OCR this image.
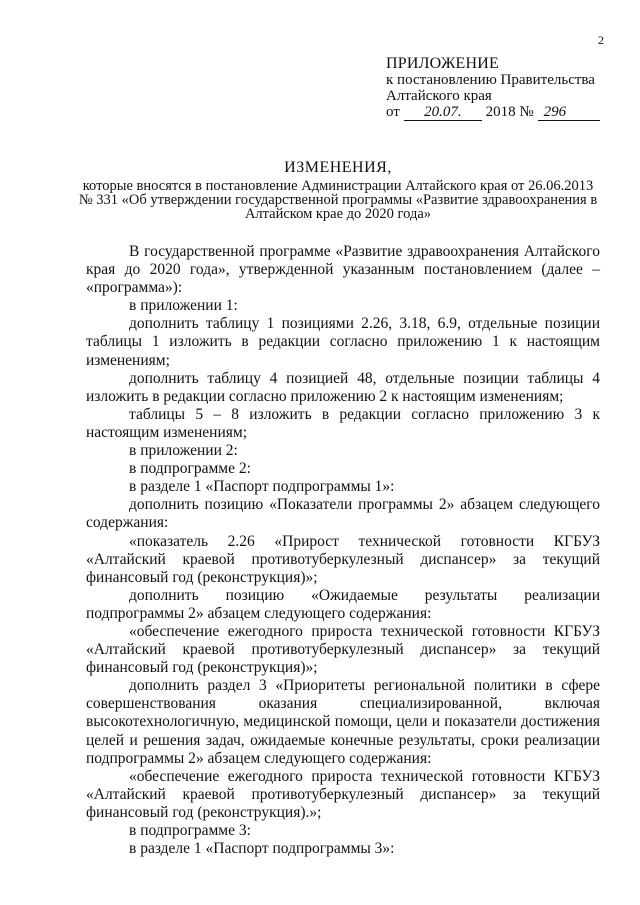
2
ПРИЛОЖЕНИЕ
к постановлению Правительства
Алтайского края
от 20.07. 2018 № 296
ИЗМЕНЕНИЯ,
которые вносятся в постановление Администрации Алтайского края от 26.06.2013 № 331 «Об утверждении государственной программы «Развитие здравоохранения в Алтайском крае до 2020 года»

В государственной программе «Развитие здравоохранения Алтайского края до 2020 года», утвержденной указанным постановлением (далее – «программа»):

в приложении 1:

дополнить таблицу 1 позициями 2.26, 3.18, 6.9, отдельные позиции таблицы 1 изложить в редакции согласно приложению 1 к настоящим изменениям;

дополнить таблицу 4 позицией 48, отдельные позиции таблицы 4 изложить в редакции согласно приложению 2 к настоящим изменениям;

таблицы 5 – 8 изложить в редакции согласно приложению 3 к настоящим изменениям;

в приложении 2:

в подпрограмме 2:

в разделе 1 «Паспорт подпрограммы 1»:

дополнить позицию «Показатели программы 2» абзацем следующего содержания:

«показатель 2.26 «Прирост технической готовности КГБУЗ «Алтайский краевой противотуберкулезный диспансер» за текущий финансовый год (реконструкция)»;

дополнить позицию «Ожидаемые результаты реализации подпрограммы 2» абзацем следующего содержания:

«обеспечение ежегодного прироста технической готовности КГБУЗ «Алтайский краевой противотуберкулезный диспансер» за текущий финансовый год (реконструкция)»;

дополнить раздел 3 «Приоритеты региональной политики в сфере совершенствования оказания специализированной, включая высокотехнологичную, медицинской помощи, цели и показатели достижения целей и решения задач, ожидаемые конечные результаты, сроки реализации подпрограммы 2» абзацем следующего содержания:

«обеспечение ежегодного прироста технической готовности КГБУЗ «Алтайский краевой противотуберкулезный диспансер» за текущий финансовый год (реконструкция).»;

в подпрограмме 3:

в разделе 1 «Паспорт подпрограммы 3»:
